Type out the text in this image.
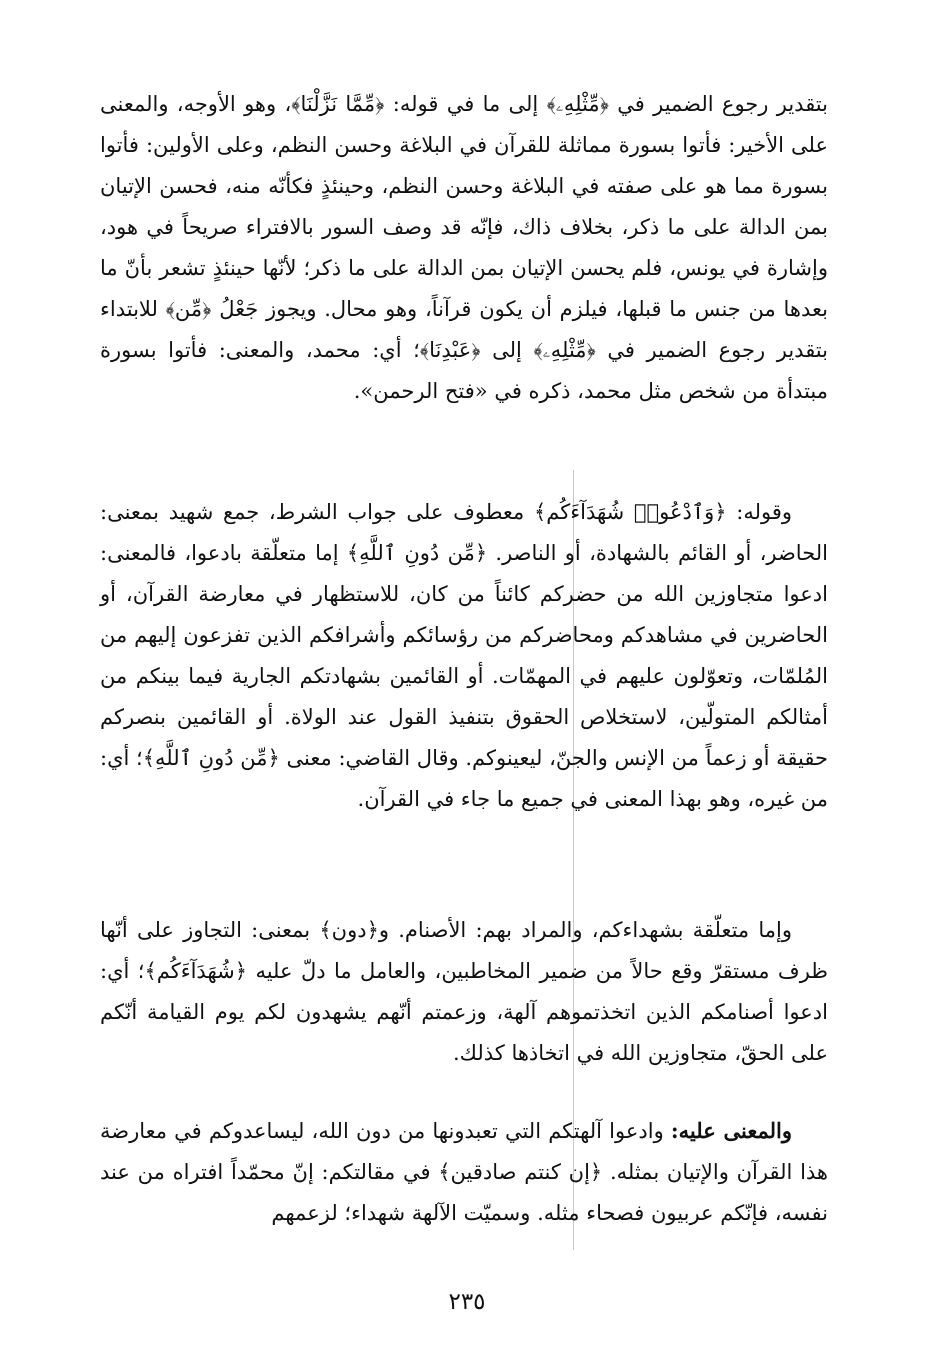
بتقدير رجوع الضمير في ﴿مِّثْلِهِۦ﴾ إلى ما في قوله: ﴿مِّمَّا نَزَّلْنَا﴾، وهو الأوجه، والمعنى على الأخير: فأتوا بسورة مماثلة للقرآن في البلاغة وحسن النظم، وعلى الأولين: فأتوا بسورة مما هو على صفته في البلاغة وحسن النظم، وحينئذٍ فكأنّه منه، فحسن الإتيان بمن الدالة على ما ذكر، بخلاف ذاك، فإنّه قد وصف السور بالافتراء صريحاً في هود، وإشارة في يونس، فلم يحسن الإتيان بمن الدالة على ما ذكر؛ لأنّها حينئذٍ تشعر بأنّ ما بعدها من جنس ما قبلها، فيلزم أن يكون قرآناً، وهو محال. ويجوز جَعْلُ ﴿مِّن﴾ للابتداء بتقدير رجوع الضمير في ﴿مِّثْلِهِۦ﴾ إلى ﴿عَبْدِنَا﴾؛ أي: محمد، والمعنى: فأتوا بسورة مبتدأة من شخص مثل محمد، ذكره في «فتح الرحمن».

وقوله: ﴿وَٱدْعُوا۟ شُهَدَآءَكُم﴾ معطوف على جواب الشرط، جمع شهيد بمعنى: الحاضر، أو القائم بالشهادة، أو الناصر. ﴿مِّن دُونِ ٱللَّهِ﴾ إما متعلّقة بادعوا، فالمعنى: ادعوا متجاوزين الله من حضركم كائناً من كان، للاستظهار في معارضة القرآن، أو الحاضرين في مشاهدكم ومحاضركم من رؤسائكم وأشرافكم الذين تفزعون إليهم من المُلمّات، وتعوّلون عليهم في المهمّات. أو القائمين بشهادتكم الجارية فيما بينكم من أمثالكم المتولّين، لاستخلاص الحقوق بتنفيذ القول عند الولاة. أو القائمين بنصركم حقيقة أو زعماً من الإنس والجنّ، ليعينوكم. وقال القاضي: معنى ﴿مِّن دُونِ ٱللَّهِ﴾؛ أي: من غيره، وهو بهذا المعنى في جميع ما جاء في القرآن.

وإما متعلّقة بشهداءكم، والمراد بهم: الأصنام. و﴿دون﴾ بمعنى: التجاوز على أنّها ظرف مستقرّ وقع حالاً من ضمير المخاطبين، والعامل ما دلّ عليه ﴿شُهَدَآءَكُم﴾؛ أي: ادعوا أصنامكم الذين اتخذتموهم آلهة، وزعمتم أنّهم يشهدون لكم يوم القيامة أنّكم على الحقّ، متجاوزين الله في اتخاذها كذلك.

والمعنى عليه: وادعوا آلهتكم التي تعبدونها من دون الله، ليساعدوكم في معارضة هذا القرآن والإتيان بمثله. ﴿إن كنتم صادقين﴾ في مقالتكم: إنّ محمّداً افتراه من عند نفسه، فإنّكم عربيون فصحاء مثله. وسميّت الآلهة شهداء؛ لزعمهم

٢٣٥
